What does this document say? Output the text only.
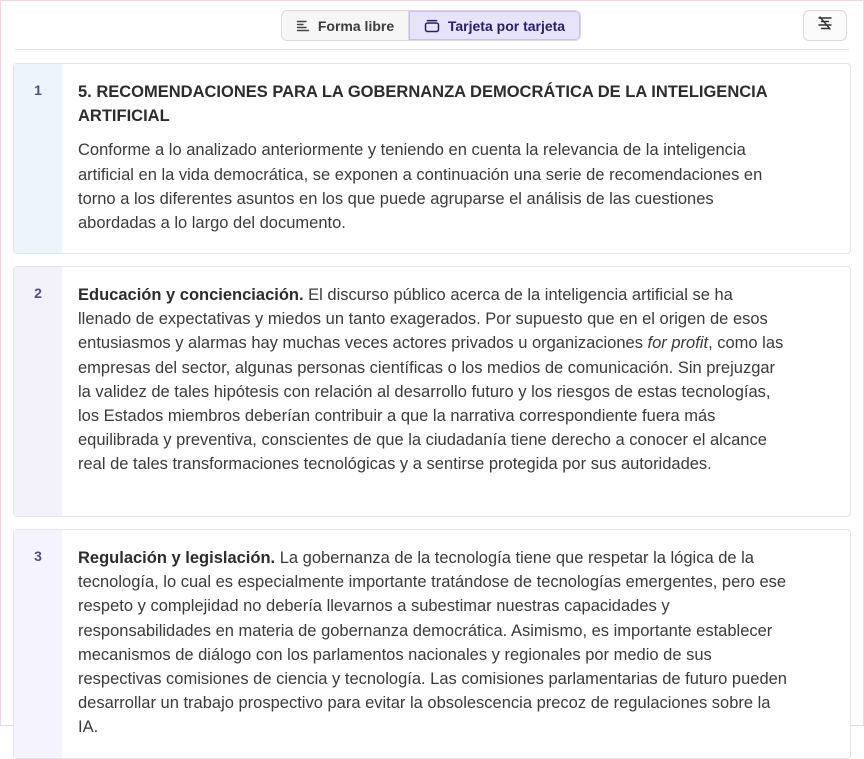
Forma libre	Tarjeta por tarjeta
1	5. RECOMENDACIONES PARA LA GOBERNANZA DEMOCRÁTICA DE LA INTELIGENCIA ARTIFICIAL

Conforme a lo analizado anteriormente y teniendo en cuenta la relevancia de la inteligencia artificial en la vida democrática, se exponen a continuación una serie de recomendaciones en torno a los diferentes asuntos en los que puede agruparse el análisis de las cuestiones abordadas a lo largo del documento.

2	Educación y concienciación. El discurso público acerca de la inteligencia artificial se ha llenado de expectativas y miedos un tanto exagerados. Por supuesto que en el origen de esos entusiasmos y alarmas hay muchas veces actores privados u organizaciones for profit, como las empresas del sector, algunas personas científicas o los medios de comunicación. Sin prejuzgar la validez de tales hipótesis con relación al desarrollo futuro y los riesgos de estas tecnologías, los Estados miembros deberían contribuir a que la narrativa correspondiente fuera más equilibrada y preventiva, conscientes de que la ciudadanía tiene derecho a conocer el alcance real de tales transformaciones tecnológicas y a sentirse protegida por sus autoridades.

3	Regulación y legislación. La gobernanza de la tecnología tiene que respetar la lógica de la tecnología, lo cual es especialmente importante tratándose de tecnologías emergentes, pero ese respeto y complejidad no debería llevarnos a subestimar nuestras capacidades y responsabilidades en materia de gobernanza democrática. Asimismo, es importante establecer mecanismos de diálogo con los parlamentos nacionales y regionales por medio de sus respectivas comisiones de ciencia y tecnología. Las comisiones parlamentarias de futuro pueden desarrollar un trabajo prospectivo para evitar la obsolescencia precoz de regulaciones sobre la IA.
